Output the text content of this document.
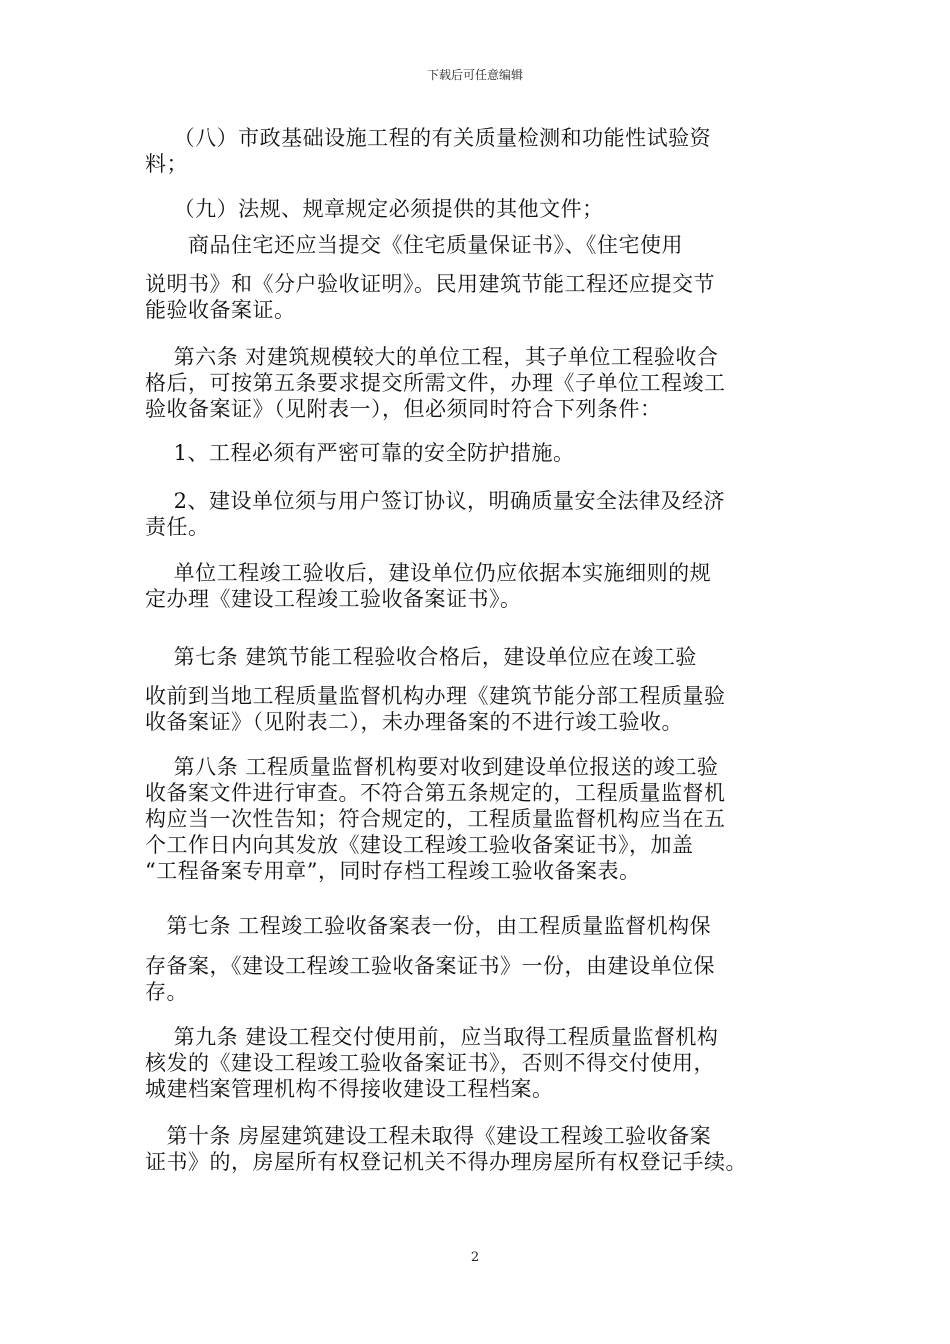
下载后可任意编辑

　 （八）市政基础设施工程的有关质量检测和功能性试验资
料；

　 （九）法规、规章规定必须提供的其他文件；

　　商品住宅还应当提交《住宅质量保证书》、《住宅使用

说明书》和《分户验收证明》。民用建筑节能工程还应提交节
能验收备案证。

　 第六条 对建筑规模较大的单位工程，其子单位工程验收合
格后，可按第五条要求提交所需文件，办理《子单位工程竣工
验收备案证》（见附表一），但必须同时符合下列条件：

　 1、工程必须有严密可靠的安全防护措施。

　 2、建设单位须与用户签订协议，明确质量安全法律及经济
责任。

　 单位工程竣工验收后，建设单位仍应依据本实施细则的规
定办理《建设工程竣工验收备案证书》。

　 第七条 建筑节能工程验收合格后，建设单位应在竣工验

收前到当地工程质量监督机构办理《建筑节能分部工程质量验
收备案证》（见附表二），未办理备案的不进行竣工验收。

　 第八条 工程质量监督机构要对收到建设单位报送的竣工验
收备案文件进行审查。不符合第五条规定的，工程质量监督机
构应当一次性告知；符合规定的，工程质量监督机构应当在五
个工作日内向其发放《建设工程竣工验收备案证书》，加盖
“工程备案专用章”，同时存档工程竣工验收备案表。

　第七条 工程竣工验收备案表一份，由工程质量监督机构保

存备案，《建设工程竣工验收备案证书》一份，由建设单位保
存。

　 第九条 建设工程交付使用前，应当取得工程质量监督机构
核发的《建设工程竣工验收备案证书》，否则不得交付使用，
城建档案管理机构不得接收建设工程档案。

　第十条 房屋建筑建设工程未取得《建设工程竣工验收备案
证书》的，房屋所有权登记机关不得办理房屋所有权登记手续。

2
